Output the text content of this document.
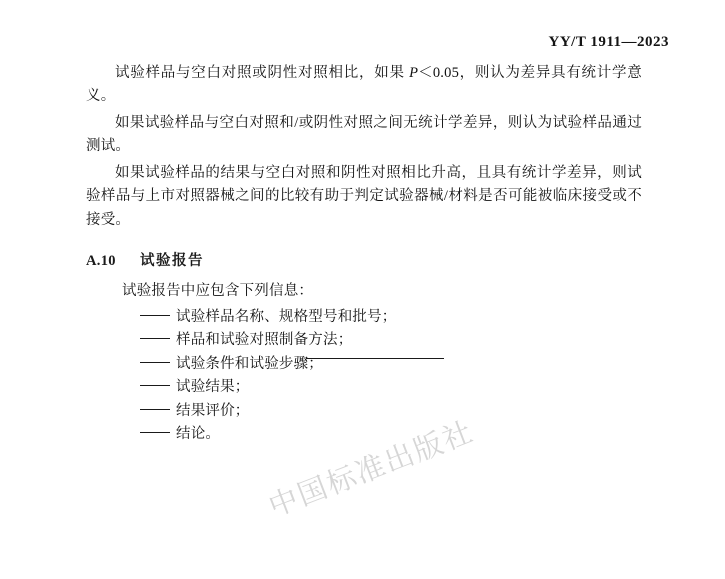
YY/T 1911—2023

试验样品与空白对照或阴性对照相比，如果 P＜0.05，则认为差异具有统计学意义。

如果试验样品与空白对照和/或阴性对照之间无统计学差异，则认为试验样品通过测试。

如果试验样品的结果与空白对照和阴性对照相比升高，且具有统计学差异，则试验样品与上市对照器械之间的比较有助于判定试验器械/材料是否可能被临床接受或不接受。

A.10	试验报告

试验报告中应包含下列信息：

试验样品名称、规格型号和批号；
样品和试验对照制备方法；
试验条件和试验步骤；
试验结果；
结果评价；
结论。 中国标准出版社
